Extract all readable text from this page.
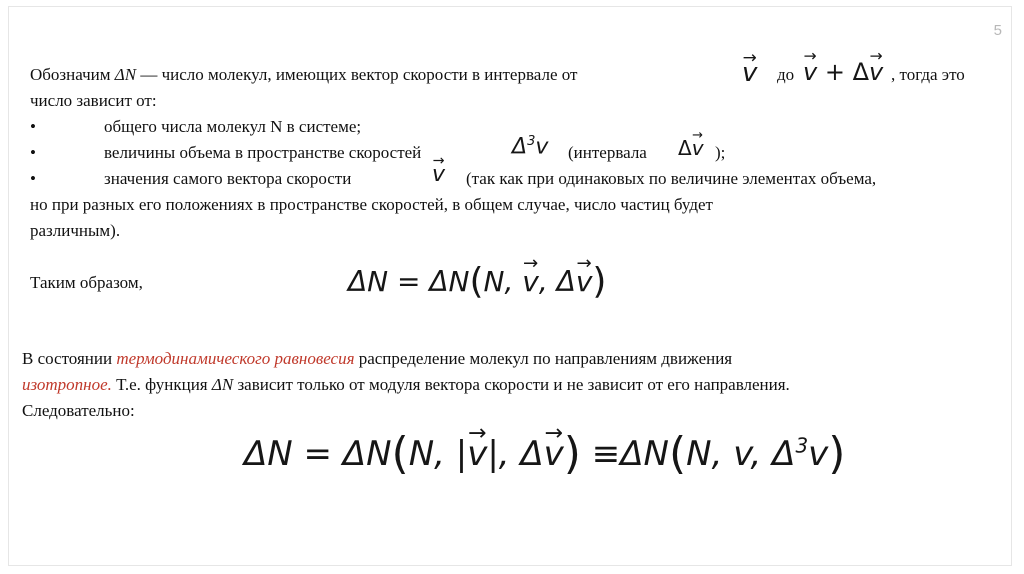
5
Обозначим ΔN — число молекул, имеющих вектор скорости в интервале от	→ v до → v + Δ→ v , тогда это
число зависит от:
•	общего числа молекул N в системе;
•	величины объема в пространстве скоростей	$\Delta^3v$ (интервала Δ→ v );
•	значения самого вектора скорости	→ v (так как при одинаковых по величине элементах объема,
но при разных его положениях в пространстве скоростей, в общем случае, число частиц будет
различным).
Таким образом,	ΔN = ΔN(N, → v, Δ→ v)
В состоянии термодинамического равновесия распределение молекул по направлениям движения
изотропное. Т.е. функция ΔN зависит только от модуля вектора скорости и не зависит от его направления.
Следовательно:
ΔN = ΔN(N, |→ v|, Δ→ v) ≡ΔN(N, v, $\Delta^3v$)
